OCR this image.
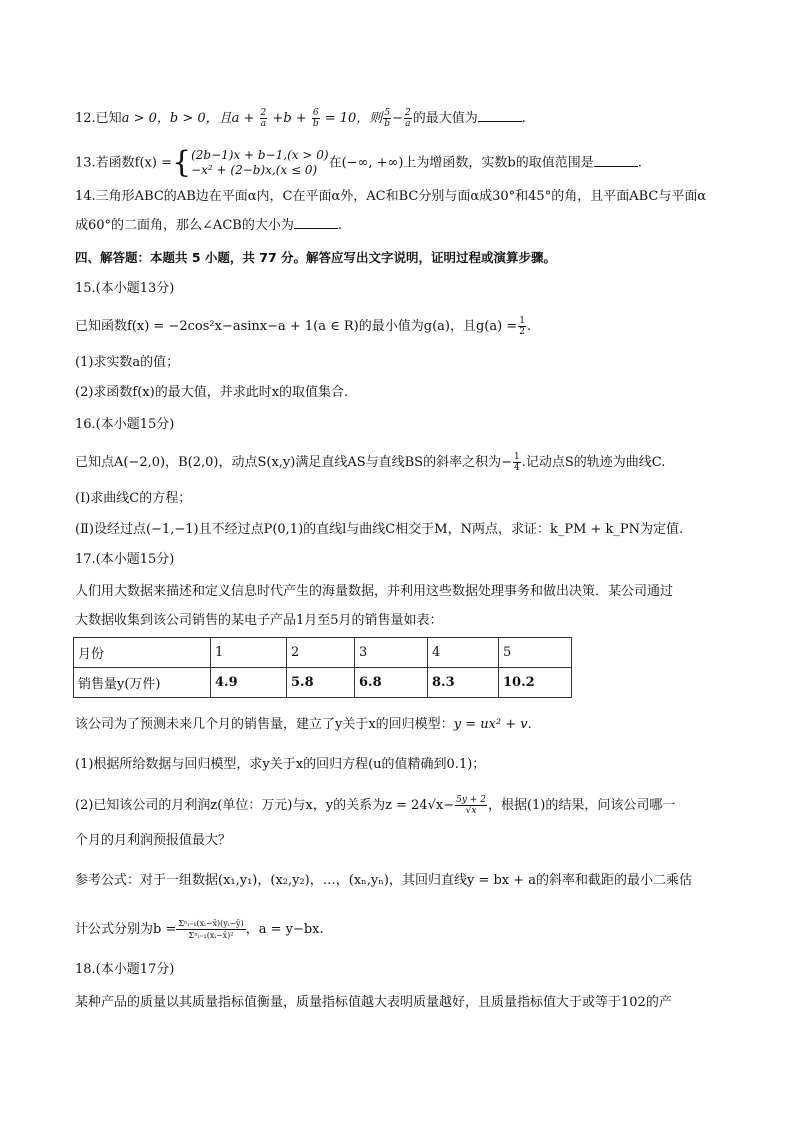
12.已知a > 0，b > 0，且$a + \frac{2}{a} +b + \frac{6}{b} = 10$，则 $\frac{5}{b} - \frac{2}{a}$ 的最大值为	.
13.若函数f(x) ={ (2b−1)x + b−1,(x > 0)
−x² + (2−b)x,(x ≤ 0) 在(−∞, +∞)上为增函数，实数b的取值范围是	.
14.三角形ABC的AB边在平面α内，C在平面α外，AC和BC分别与面α成30°和45°的角，且平面ABC与平面α
成60°的二面角，那么∠ACB的大小为	.
四、解答题：本题共 5 小题，共 77 分。解答应写出文字说明，证明过程或演算步骤。
15.(本小题13分)
已知函数f(x) = −2cos²x−asinx−a + 1(a ∈ R)的最小值为g(a)，且$g(a) = \frac{1}{2}$ .
(1)求实数a的值；
(2)求函数f(x)的最大值，并求此时x的取值集合.
16.(本小题15分)
已知点A(−2,0)，B(2,0)，动点S(x,y)满足直线AS与直线BS的斜率之积为− $\frac{1}{4}$ .记动点S的轨迹为曲线C.
(Ⅰ)求曲线C的方程；
(Ⅱ)设经过点(−1,−1)且不经过点P(0,1)的直线l与曲线C相交于M，N两点，求证：k_PM + k_PN为定值.
17.(本小题15分)
人们用大数据来描述和定义信息时代产生的海量数据，并利用这些数据处理事务和做出决策．某公司通过
大数据收集到该公司销售的某电子产品1月至5月的销售量如表：
月份	1	2	3	4	5
销售量y(万件)	4.9	5.8	6.8	8.3	10.2
该公司为了预测未来几个月的销售量，建立了y关于x的回归模型：y = ux² + v.
(1)根据所给数据与回归模型，求y关于x的回归方程(u的值精确到0.1)；
(2)已知该公司的月利润z(单位：万元)与x，y的关系为$z = 24√x- \frac{5y + 2}{√x}$ ，根据(1)的结果，问该公司哪一
个月的月利润预报值最大？
参考公式：对于一组数据(x₁,y₁)，(x₂,y₂)，…，(xₙ,yₙ)，其回归直线y = bx + a的斜率和截距的最小二乘估
计公式分别为$b = \frac{\text{Σⁿᵢ₌₁(xᵢ−x̄)(yᵢ−ȳ)}}{\text{Σⁿᵢ₌₁(xᵢ−x̄)²}}$ ，a = y−bx.
18.(本小题17分)
某种产品的质量以其质量指标值衡量，质量指标值越大表明质量越好，且质量指标值大于或等于102的产
